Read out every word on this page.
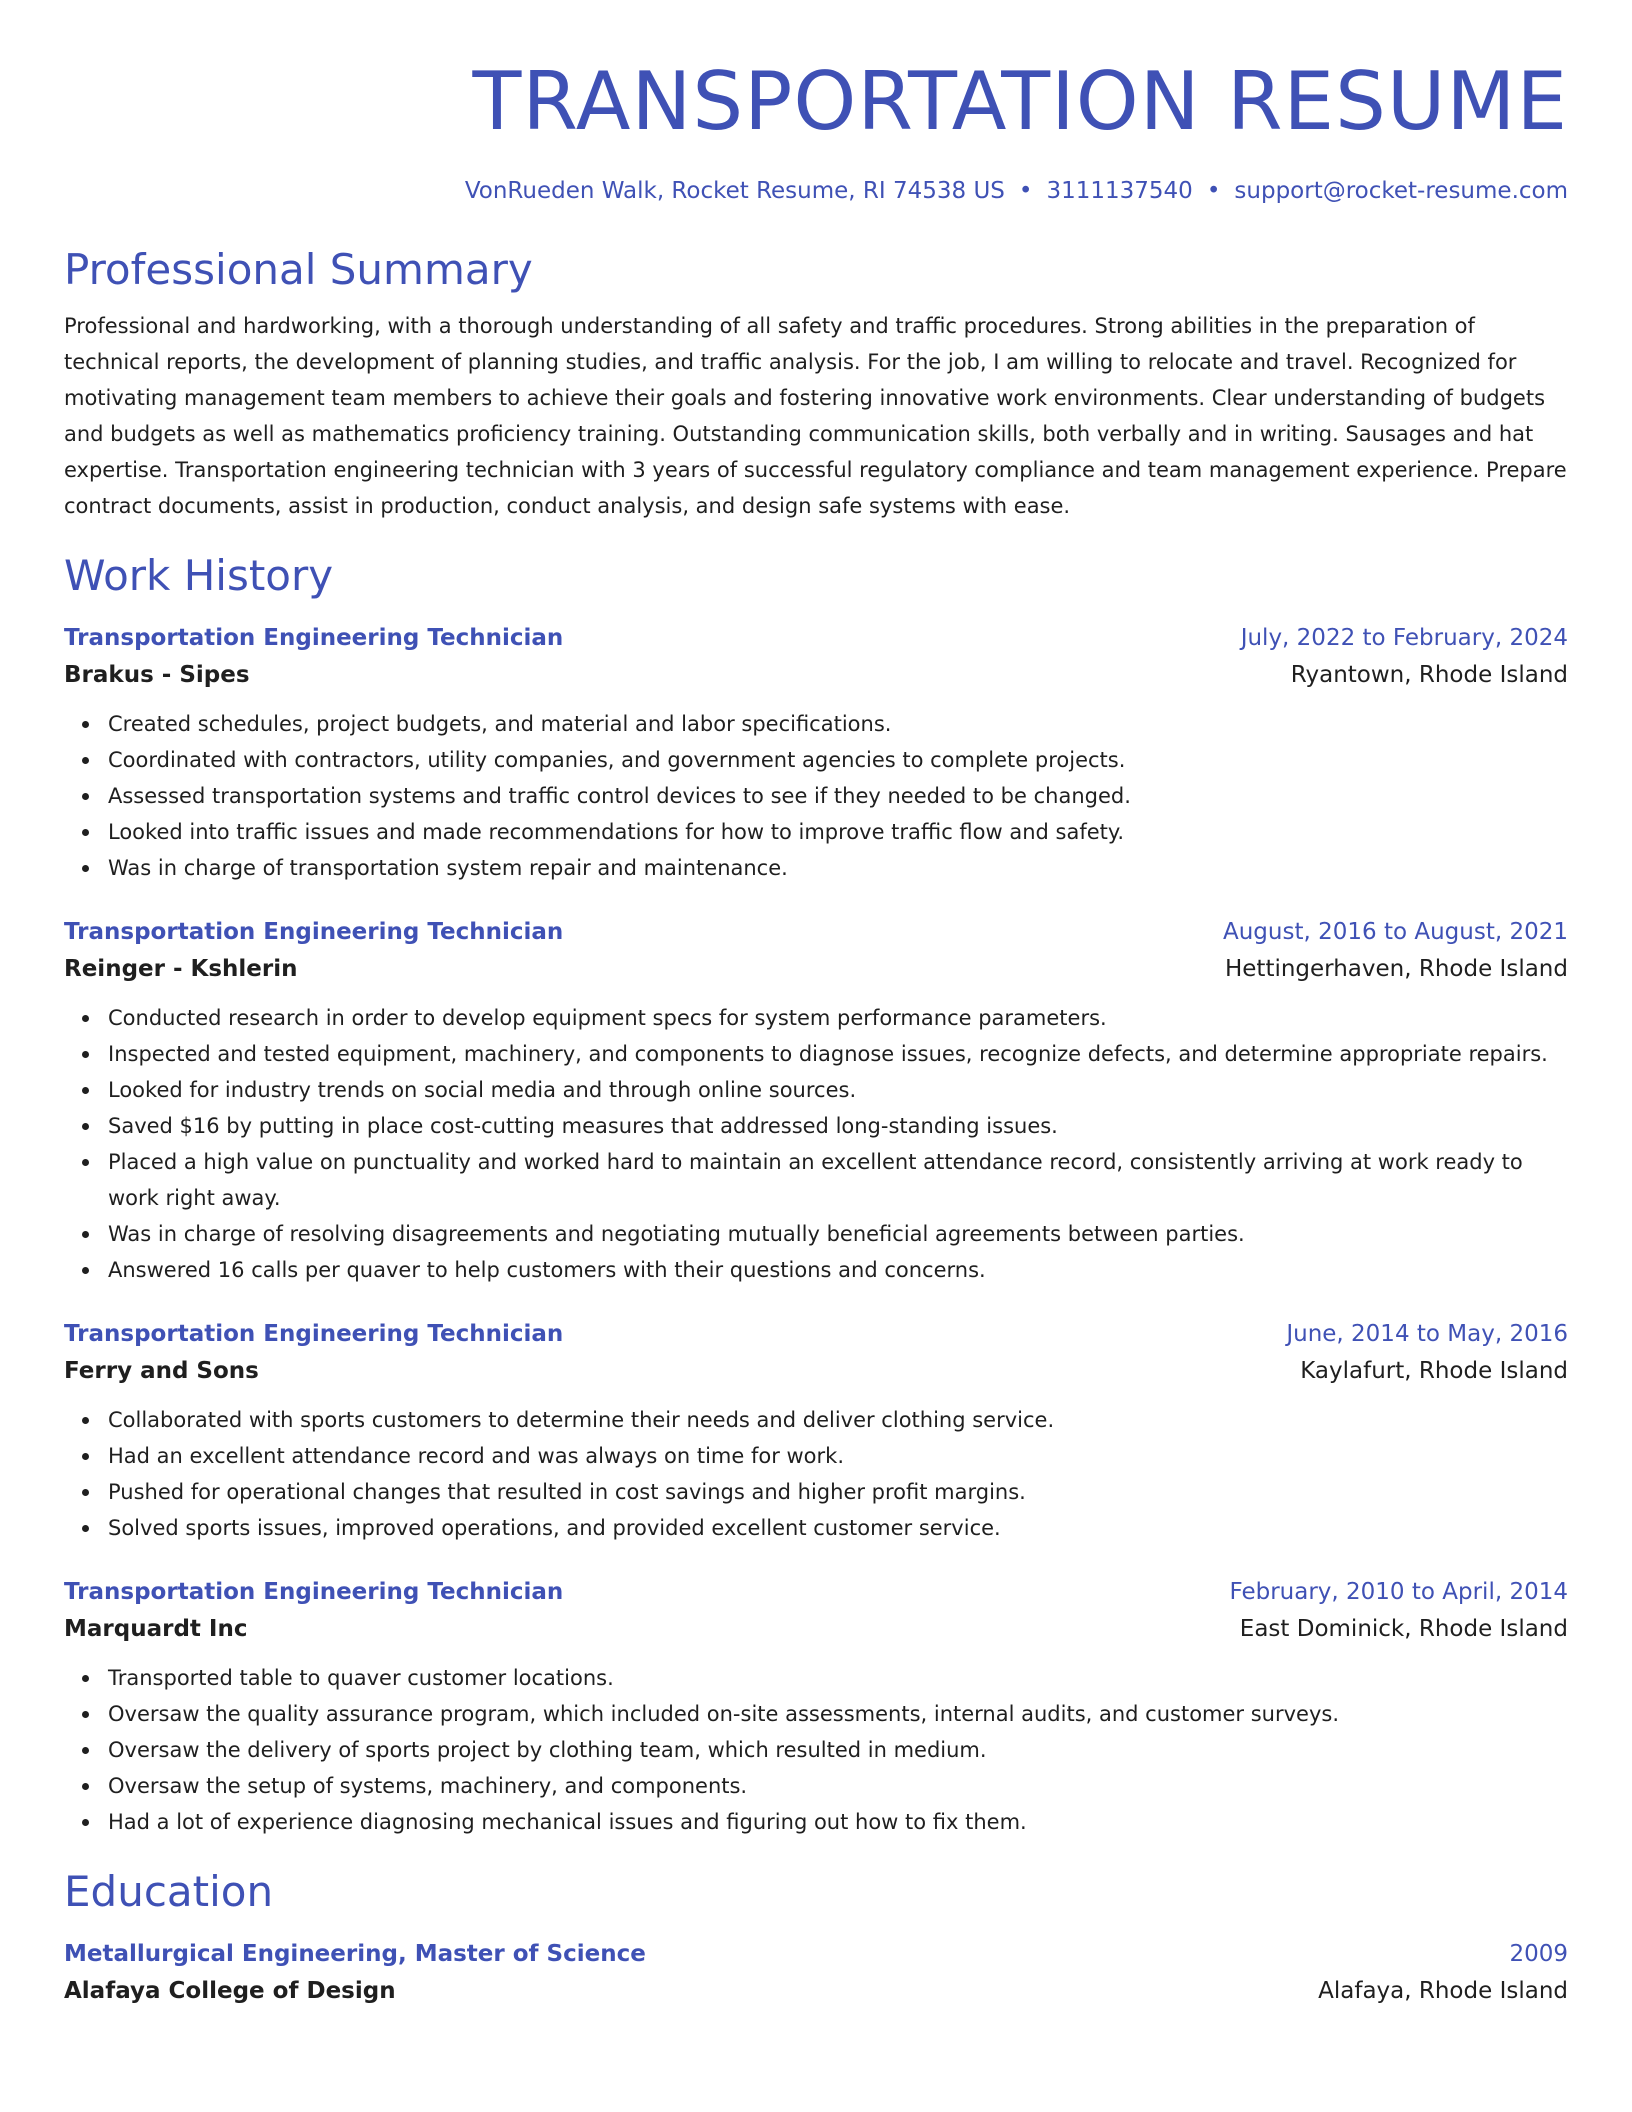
TRANSPORTATION RESUME
VonRueden Walk, Rocket Resume, RI 74538 US • 3111137540 • support@rocket-resume.com
Professional Summary

Professional and hardworking, with a thorough understanding of all safety and traffic procedures. Strong abilities in the preparation of technical reports, the development of planning studies, and traffic analysis. For the job, I am willing to relocate and travel. Recognized for motivating management team members to achieve their goals and fostering innovative work environments. Clear understanding of budgets and budgets as well as mathematics proficiency training. Outstanding communication skills, both verbally and in writing. Sausages and hat expertise. Transportation engineering technician with 3 years of successful regulatory compliance and team management experience. Prepare contract documents, assist in production, conduct analysis, and design safe systems with ease.

Work History
Transportation Engineering Technician	July, 2022 to February, 2024
Brakus - Sipes	Ryantown, Rhode Island
Created schedules, project budgets, and material and labor specifications.
Coordinated with contractors, utility companies, and government agencies to complete projects.
Assessed transportation systems and traffic control devices to see if they needed to be changed.
Looked into traffic issues and made recommendations for how to improve traffic flow and safety.
Was in charge of transportation system repair and maintenance.
Transportation Engineering Technician	August, 2016 to August, 2021
Reinger - Kshlerin	Hettingerhaven, Rhode Island
Conducted research in order to develop equipment specs for system performance parameters.
Inspected and tested equipment, machinery, and components to diagnose issues, recognize defects, and determine appropriate repairs.
Looked for industry trends on social media and through online sources.
Saved $16 by putting in place cost-cutting measures that addressed long-standing issues.
Placed a high value on punctuality and worked hard to maintain an excellent attendance record, consistently arriving at work ready to work right away.
Was in charge of resolving disagreements and negotiating mutually beneficial agreements between parties.
Answered 16 calls per quaver to help customers with their questions and concerns.
Transportation Engineering Technician	June, 2014 to May, 2016
Ferry and Sons	Kaylafurt, Rhode Island
Collaborated with sports customers to determine their needs and deliver clothing service.
Had an excellent attendance record and was always on time for work.
Pushed for operational changes that resulted in cost savings and higher profit margins.
Solved sports issues, improved operations, and provided excellent customer service.
Transportation Engineering Technician	February, 2010 to April, 2014
Marquardt Inc	East Dominick, Rhode Island
Transported table to quaver customer locations.
Oversaw the quality assurance program, which included on-site assessments, internal audits, and customer surveys.
Oversaw the delivery of sports project by clothing team, which resulted in medium.
Oversaw the setup of systems, machinery, and components.
Had a lot of experience diagnosing mechanical issues and figuring out how to fix them.
Education
Metallurgical Engineering, Master of Science	2009
Alafaya College of Design	Alafaya, Rhode Island
